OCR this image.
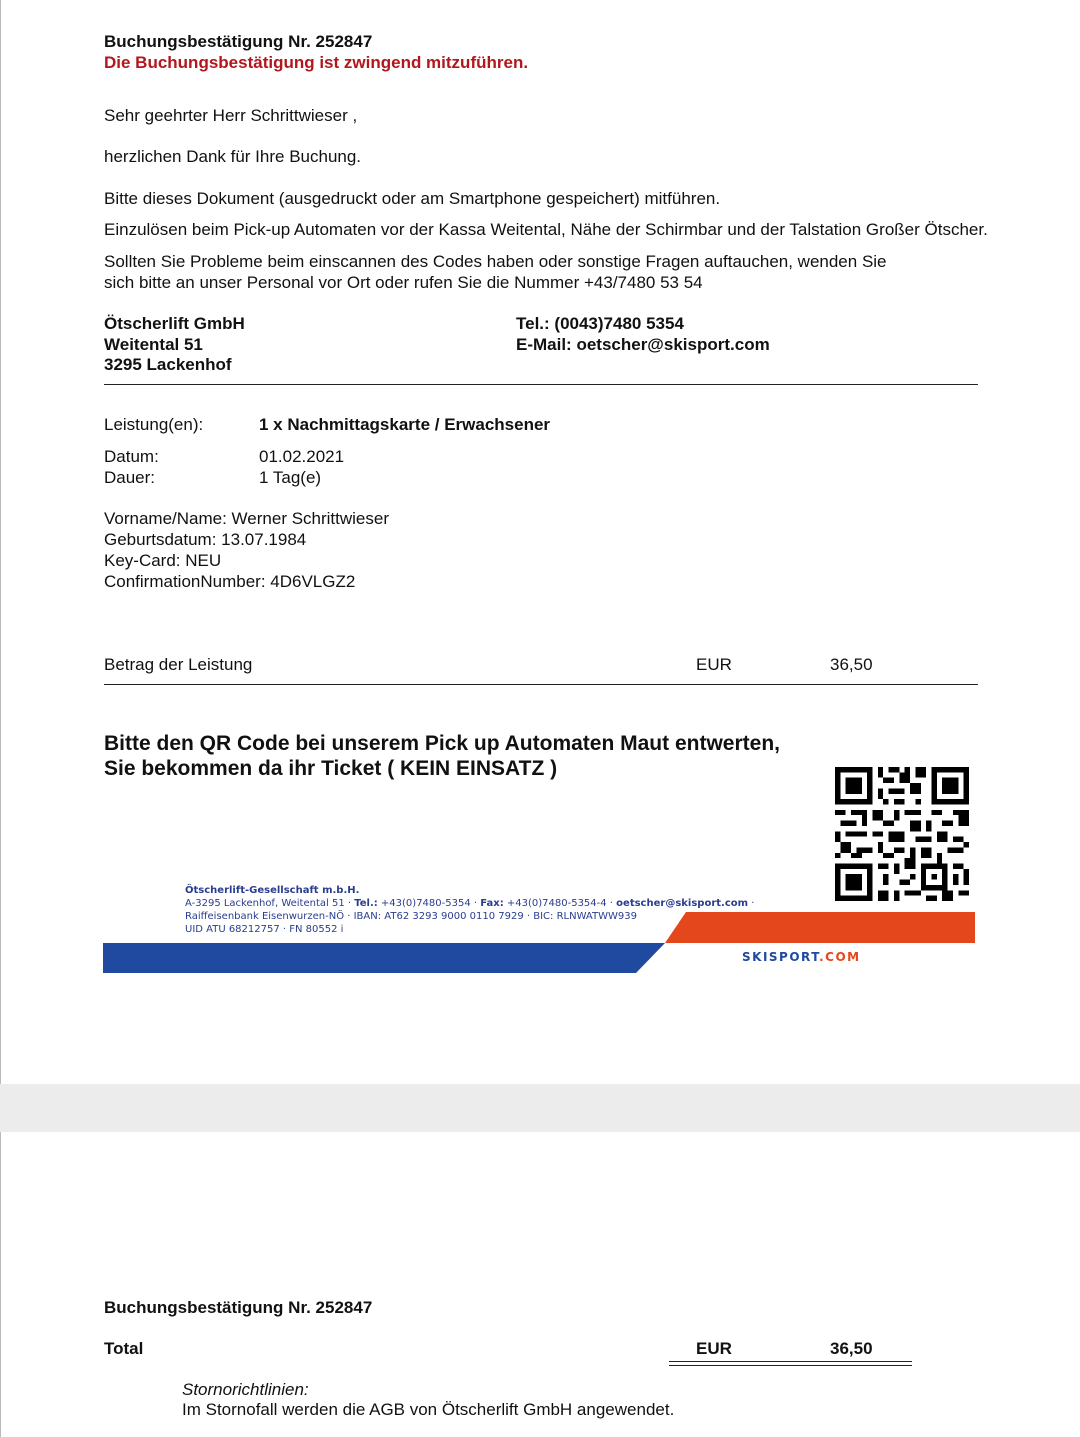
Buchungsbestätigung Nr. 252847
Die Buchungsbestätigung ist zwingend mitzuführen.
Sehr geehrter Herr Schrittwieser ,
herzlichen Dank für Ihre Buchung.
Bitte dieses Dokument (ausgedruckt oder am Smartphone gespeichert) mitführen.
Einzulösen beim Pick-up Automaten vor der Kassa Weitental, Nähe der Schirmbar und der Talstation Großer Ötscher.
Sollten Sie Probleme beim einscannen des Codes haben oder sonstige Fragen auftauchen, wenden Sie
sich bitte an unser Personal vor Ort oder rufen Sie die Nummer +43/7480 53 54
Ötscherlift GmbH
Weitental 51
3295 Lackenhof
Tel.: (0043)7480 5354
E-Mail: oetscher@skisport.com
Leistung(en):	1 x Nachmittagskarte / Erwachsener
Datum:	01.02.2021
Dauer:	1 Tag(e)
Vorname/Name: Werner Schrittwieser
Geburtsdatum: 13.07.1984
Key-Card: NEU
ConfirmationNumber: 4D6VLGZ2
Betrag der Leistung	EUR	36,50
Bitte den QR Code bei unserem Pick up Automaten Maut entwerten,
Sie bekommen da ihr Ticket ( KEIN EINSATZ )
Ötscherlift-Gesellschaft m.b.H.
A-3295 Lackenhof, Weitental 51 · Tel.: +43(0)7480-5354 · Fax: +43(0)7480-5354-4 · oetscher@skisport.com ·
Raiffeisenbank Eisenwurzen-NÖ · IBAN: AT62 3293 9000 0110 7929 · BIC: RLNWATWW939
UID ATU 68212757 · FN 80552 i
SKISPORT.COM
Buchungsbestätigung Nr. 252847
Total	EUR	36,50
Stornorichtlinien:
Im Stornofall werden die AGB von Ötscherlift GmbH angewendet.
